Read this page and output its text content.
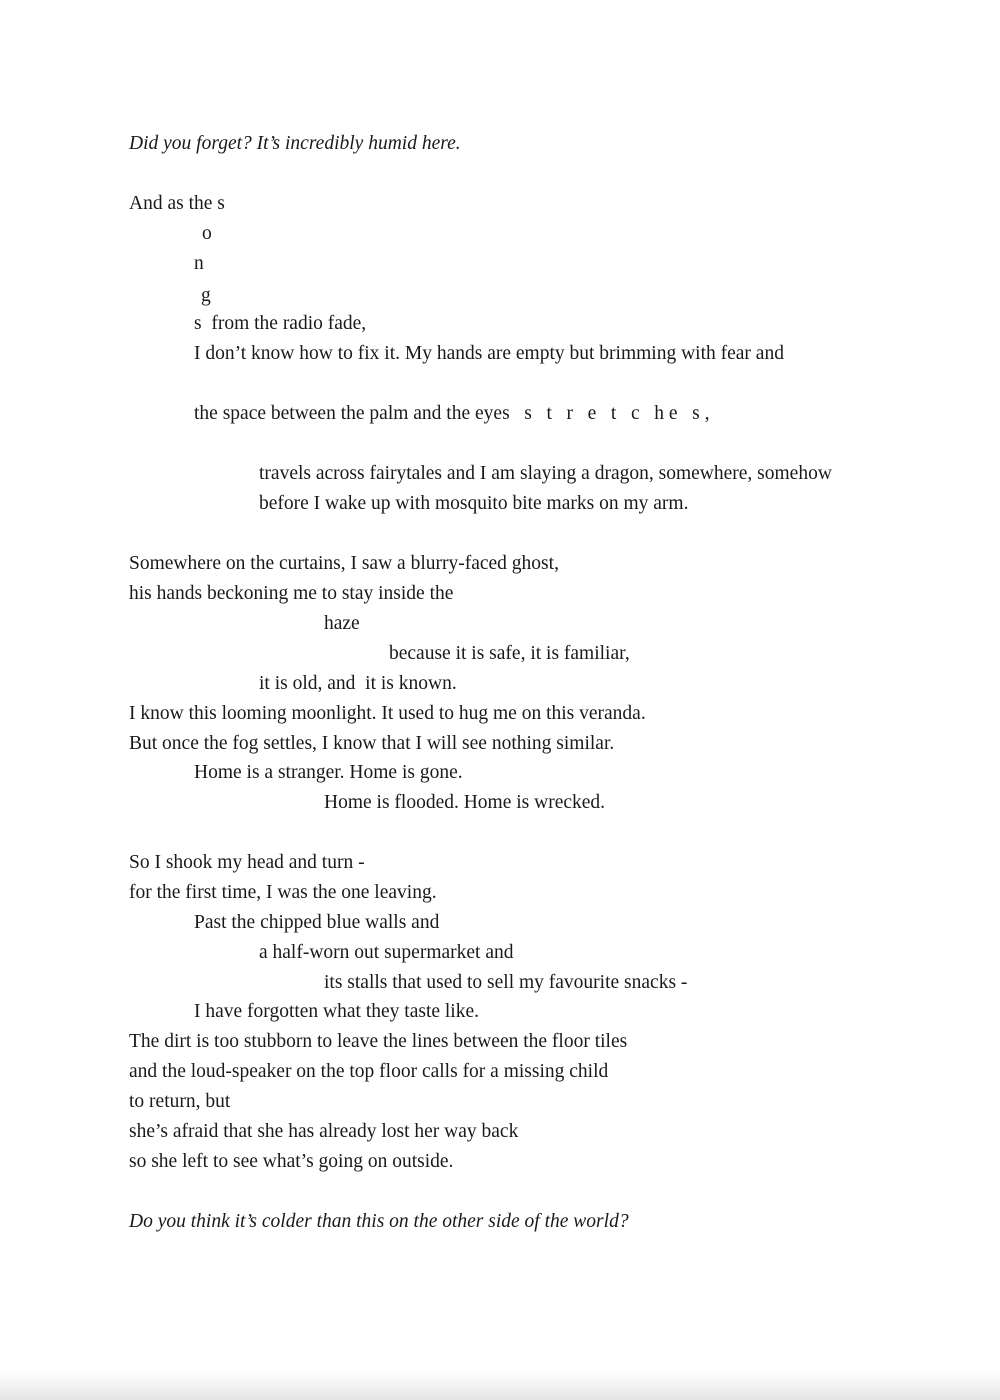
Did you forget? It’s incredibly humid here.

And as the s

o

n

g

s  from the radio fade,

I don’t know how to fix it. My hands are empty but brimming with fear and

the space between the palm and the eyes   s   t   r   e   t   c   h e   s ,

travels across fairytales and I am slaying a dragon, somewhere, somehow

before I wake up with mosquito bite marks on my arm.

Somewhere on the curtains, I saw a blurry-faced ghost,

his hands beckoning me to stay inside the

haze

because it is safe, it is familiar,

it is old, and  it is known.

I know this looming moonlight. It used to hug me on this veranda.

But once the fog settles, I know that I will see nothing similar.

Home is a stranger. Home is gone.

Home is flooded. Home is wrecked.

So I shook my head and turn -

for the first time, I was the one leaving.

Past the chipped blue walls and

a half-worn out supermarket and

its stalls that used to sell my favourite snacks -

I have forgotten what they taste like.

The dirt is too stubborn to leave the lines between the floor tiles

and the loud-speaker on the top floor calls for a missing child

to return, but

she’s afraid that she has already lost her way back

so she left to see what’s going on outside.

Do you think it’s colder than this on the other side of the world?
